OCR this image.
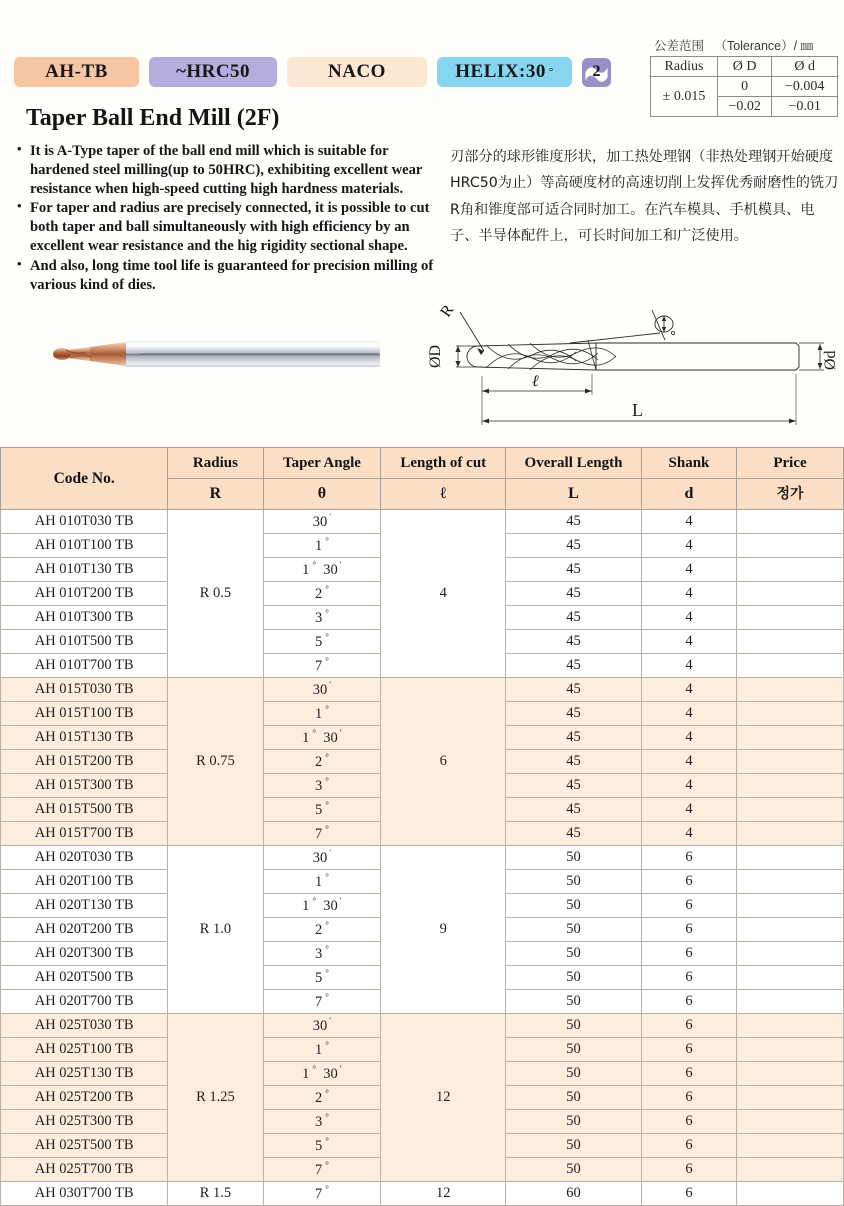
AH-TB	~HRC50	NACO	HELIX:30 ° 2
公差范围 （Tolerance）/ ㎜
Radius	Ø D	Ø d
± 0.015	0	−0.004
	−0.02	−0.01
Taper Ball End Mill (2F)
• It is A-Type taper of the ball end mill which is suitable for hardened steel milling(up to 50HRC), exhibiting excellent wear resistance when high-speed cutting high hardness materials.
• For taper and radius are precisely connected, it is possible to cut both taper and ball simultaneously with high efficiency by an excellent wear resistance and the hig rigidity sectional shape.
• And also, long time tool life is guaranteed for precision milling of various kind of dies.
刃部分的球形锥度形状，加工热处理钢（非热处理钢开始硬度HRC50为止）等高硬度材的高速切削上发挥优秀耐磨性的铣刀R角和锥度部可适合同时加工。在汽车模具、手机模具、电子、半导体配件上，可长时间加工和广泛使用。
R
ØD	Ød
ℓ
L
Code No.	Radius	Taper Angle	Length of cut	Overall Length	Shank	Price
	R	θ	ℓ	L	d	정가
AH 010T030 TB	R 0.5	30 ′	4	45	4	
AH 010T100 TB		1 °		45	4	
AH 010T130 TB		1 °  30 ′		45	4	
AH 010T200 TB		2 °		45	4	
AH 010T300 TB		3 °		45	4	
AH 010T500 TB		5 °		45	4	
AH 010T700 TB		7 °		45	4	
AH 015T030 TB	R 0.75	30 ′	6	45	4	
AH 015T100 TB		1 °		45	4	
AH 015T130 TB		1 °  30 ′		45	4	
AH 015T200 TB		2 °		45	4	
AH 015T300 TB		3 °		45	4	
AH 015T500 TB		5 °		45	4	
AH 015T700 TB		7 °		45	4	
AH 020T030 TB	R 1.0	30 ′	9	50	6	
AH 020T100 TB		1 °		50	6	
AH 020T130 TB		1 °  30 ′		50	6	
AH 020T200 TB		2 °		50	6	
AH 020T300 TB		3 °		50	6	
AH 020T500 TB		5 °		50	6	
AH 020T700 TB		7 °		50	6	
AH 025T030 TB	R 1.25	30 ′	12	50	6	
AH 025T100 TB		1 °		50	6	
AH 025T130 TB		1 °  30 ′		50	6	
AH 025T200 TB		2 °		50	6	
AH 025T300 TB		3 °		50	6	
AH 025T500 TB		5 °		50	6	
AH 025T700 TB		7 °		50	6	
AH 030T700 TB	R 1.5	7 °	12	60	6	
